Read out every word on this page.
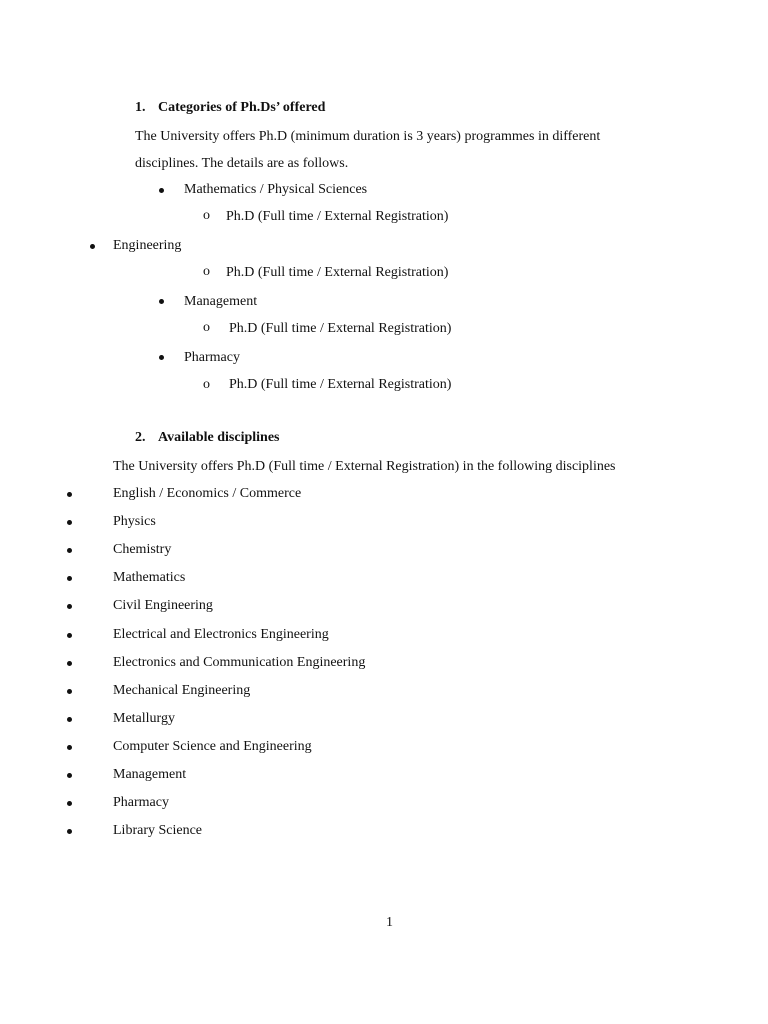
1. Categories of Ph.Ds’ offered
The University offers Ph.D (minimum duration is 3 years) programmes in different
disciplines. The details are as follows.
Mathematics / Physical Sciences
o Ph.D (Full time / External Registration)
Engineering
o Ph.D (Full time / External Registration)
Management
o Ph.D (Full time / External Registration)
Pharmacy
o Ph.D (Full time / External Registration)
2. Available disciplines
The University offers Ph.D (Full time / External Registration) in the following disciplines
English / Economics / Commerce
Physics
Chemistry
Mathematics
Civil Engineering
Electrical and Electronics Engineering
Electronics and Communication Engineering
Mechanical Engineering
Metallurgy
Computer Science and Engineering
Management
Pharmacy
Library Science
1
